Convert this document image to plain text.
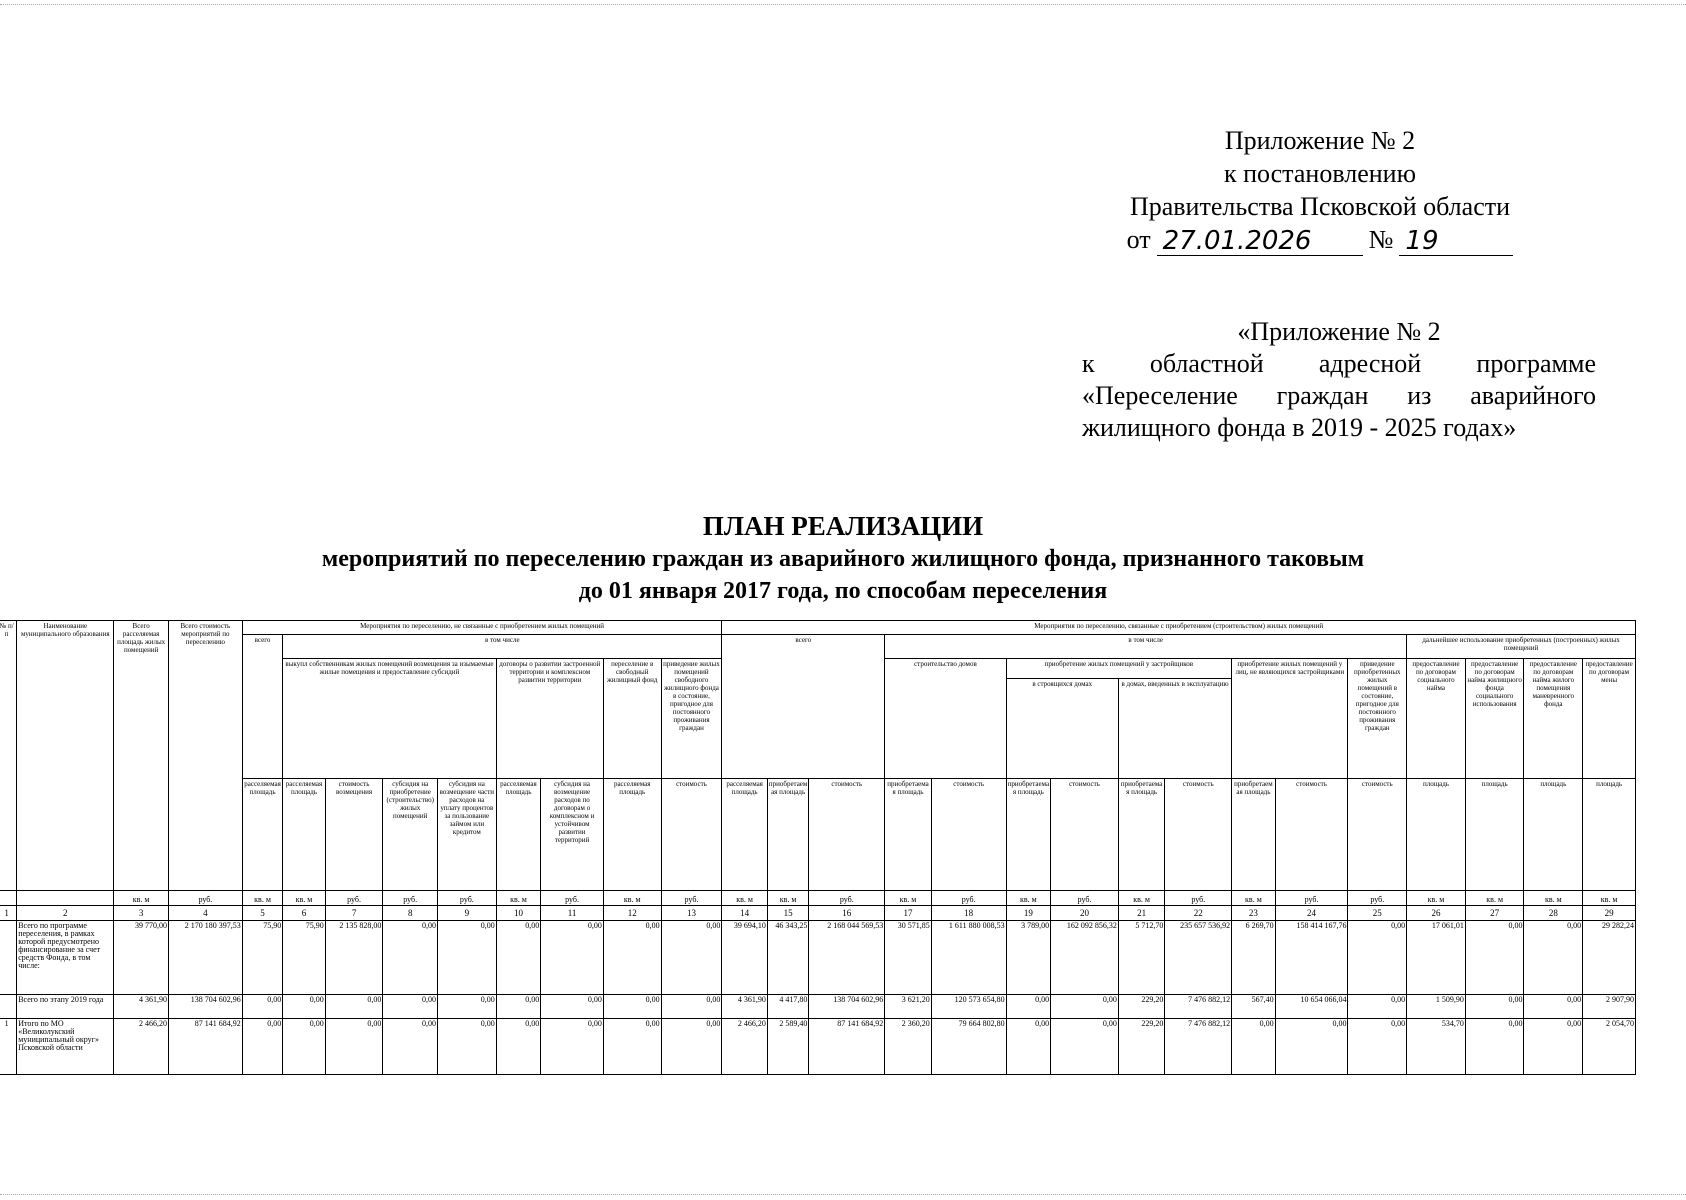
Приложение № 2
к постановлению
Правительства Псковской области
от 27.01.2026	№ 19
«Приложение № 2
к областной адресной программе
«Переселение граждан из аварийного
жилищного фонда в 2019 - 2025 годах»
ПЛАН РЕАЛИЗАЦИИ
мероприятий по переселению граждан из аварийного жилищного фонда, признанного таковым
до 01 января 2017 года, по способам переселения
№ п/п	Наименование муниципального образования	Всего расселяемая площадь жилых помещений	Всего стоимость мероприятий по переселению	Мероприятия по переселению, не связанные с приобретением жилых помещений									Мероприятия по переселению, связанные с приобретением (строительством) жилых помещений															
				всего	в том числе								всего			в том числе									дальнейшее использование приобретенных (построенных) жилых помещений			
					выкупл собственникам жилых помещений возмещения за изымаемые жилые помещения и предоставление субсидий				договоры о развитии застроенной территории и комплексном развитии территории		переселение в свободный жилищный фонд	приведение жилых помещений свободного жилищного фонда в состояние, пригодное для постоянного проживания граждан				строительство домов		приобретение жилых помещений у застройщиков				приобретение жилых помещений у лиц, не являющихся застройщиками		приведение приобретенных жилых помещений в состояние, пригодное для постоянного проживания граждан	предоставление по договорам социального найма	предоставление по договорам найма жилищного фонда социального использования	предоставление по договорам найма жилого помещения маневренного фонда	предоставление по договорам мены
																		в строящихся домах		в домах, введенных в эксплуатацию								
				расселяемая площадь	расселяемая площадь	стоимость возмещения	субсидия на приобретение (строительство) жилых помещений	субсидия на возмещение части расходов на уплату процентов за пользование займом или кредитом	расселяемая площадь	субсидия на возмещение расходов по договорам о комплексном и устойчивом развитии территорий	расселяемая площадь	стоимость	расселяемая площадь	приобретаемая площадь	стоимость	приобретаемая площадь	стоимость	приобретаемая площадь	стоимость	приобретаемая площадь	стоимость	приобретаемая площадь	стоимость	стоимость	площадь	площадь	площадь	площадь
		кв. м	руб.	кв. м	кв. м	руб.	руб.	руб.	кв. м	руб.	кв. м	руб.	кв. м	кв. м	руб.	кв. м	руб.	кв. м	руб.	кв. м	руб.	кв. м	руб.	руб.	кв. м	кв. м	кв. м	кв. м
1	2	3	4	5	6	7	8	9	10	11	12	13	14	15	16	17	18	19	20	21	22	23	24	25	26	27	28	29
	Всего по программе переселения, в рамках которой предусмотрено финансирование за счет средств Фонда, в том числе:	39 770,00	2 170 180 397,53	75,90	75,90	2 135 828,00	0,00	0,00	0,00	0,00	0,00	0,00	39 694,10	46 343,25	2 168 044 569,53	30 571,85	1 611 880 008,53	3 789,00	162 092 856,32	5 712,70	235 657 536,92	6 269,70	158 414 167,76	0,00	17 061,01	0,00	0,00	29 282,24
	Всего по этапу 2019 года	4 361,90	138 704 602,96	0,00	0,00	0,00	0,00	0,00	0,00	0,00	0,00	0,00	4 361,90	4 417,80	138 704 602,96	3 621,20	120 573 654,80	0,00	0,00	229,20	7 476 882,12	567,40	10 654 066,04	0,00	1 509,90	0,00	0,00	2 907,90
1	Итого по МО «Великолукский муниципальный округ» Псковской области	2 466,20	87 141 684,92	0,00	0,00	0,00	0,00	0,00	0,00	0,00	0,00	0,00	2 466,20	2 589,40	87 141 684,92	2 360,20	79 664 802,80	0,00	0,00	229,20	7 476 882,12	0,00	0,00	0,00	534,70	0,00	0,00	2 054,70
